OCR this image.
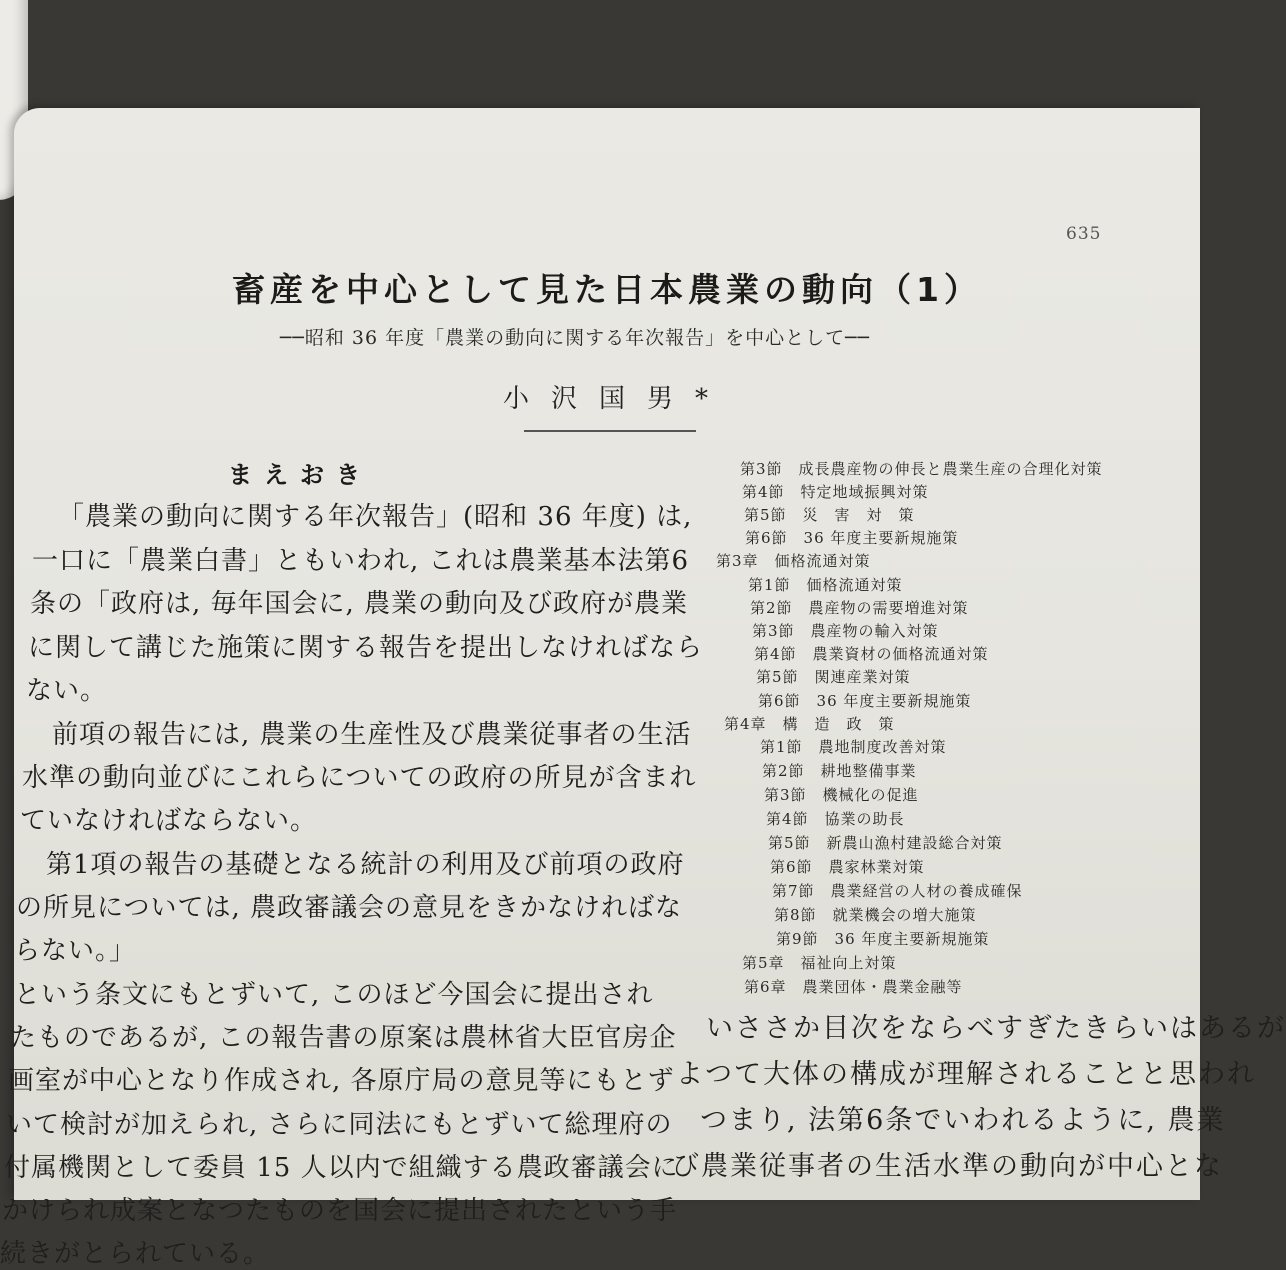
635
畜産を中心として見た日本農業の動向（1）
──昭和 36 年度「農業の動向に関する年次報告」を中心として──
小沢国男*
まえおき
「農業の動向に関する年次報告」(昭和 36 年度) は,
一口に「農業白書」ともいわれ, これは農業基本法第6
条の「政府は, 毎年国会に, 農業の動向及び政府が農業
に関して講じた施策に関する報告を提出しなければなら
ない。
前項の報告には, 農業の生産性及び農業従事者の生活
水準の動向並びにこれらについての政府の所見が含まれ
ていなければならない。
第1項の報告の基礎となる統計の利用及び前項の政府
の所見については, 農政審議会の意見をきかなければな
らない。」
という条文にもとずいて, このほど今国会に提出され
たものであるが, この報告書の原案は農林省大臣官房企
画室が中心となり作成され, 各原庁局の意見等にもとず
いて検討が加えられ, さらに同法にもとずいて総理府の
付属機関として委員 15 人以内で組織する農政審議会に
かけられ成案となつたものを国会に提出されたという手
続きがとられている。
第3節　成長農産物の伸長と農業生産の合理化対策
第4節　特定地域振興対策
第5節　災　害　対　策
第6節　36 年度主要新規施策
第3章　価格流通対策
第1節　価格流通対策
第2節　農産物の需要増進対策
第3節　農産物の輸入対策
第4節　農業資材の価格流通対策
第5節　関連産業対策
第6節　36 年度主要新規施策
第4章　構　造　政　策
第1節　農地制度改善対策
第2節　耕地整備事業
第3節　機械化の促進
第4節　協業の助長
第5節　新農山漁村建設総合対策
第6節　農家林業対策
第7節　農業経営の人材の養成確保
第8節　就業機会の増大施策
第9節　36 年度主要新規施策
第5章　福祉向上対策
第6章　農業団体・農業金融等
いささか目次をならべすぎたきらいはあるが
よつて大体の構成が理解されることと思われ
つまり, 法第6条でいわれるように, 農業
び農業従事者の生活水準の動向が中心とな
